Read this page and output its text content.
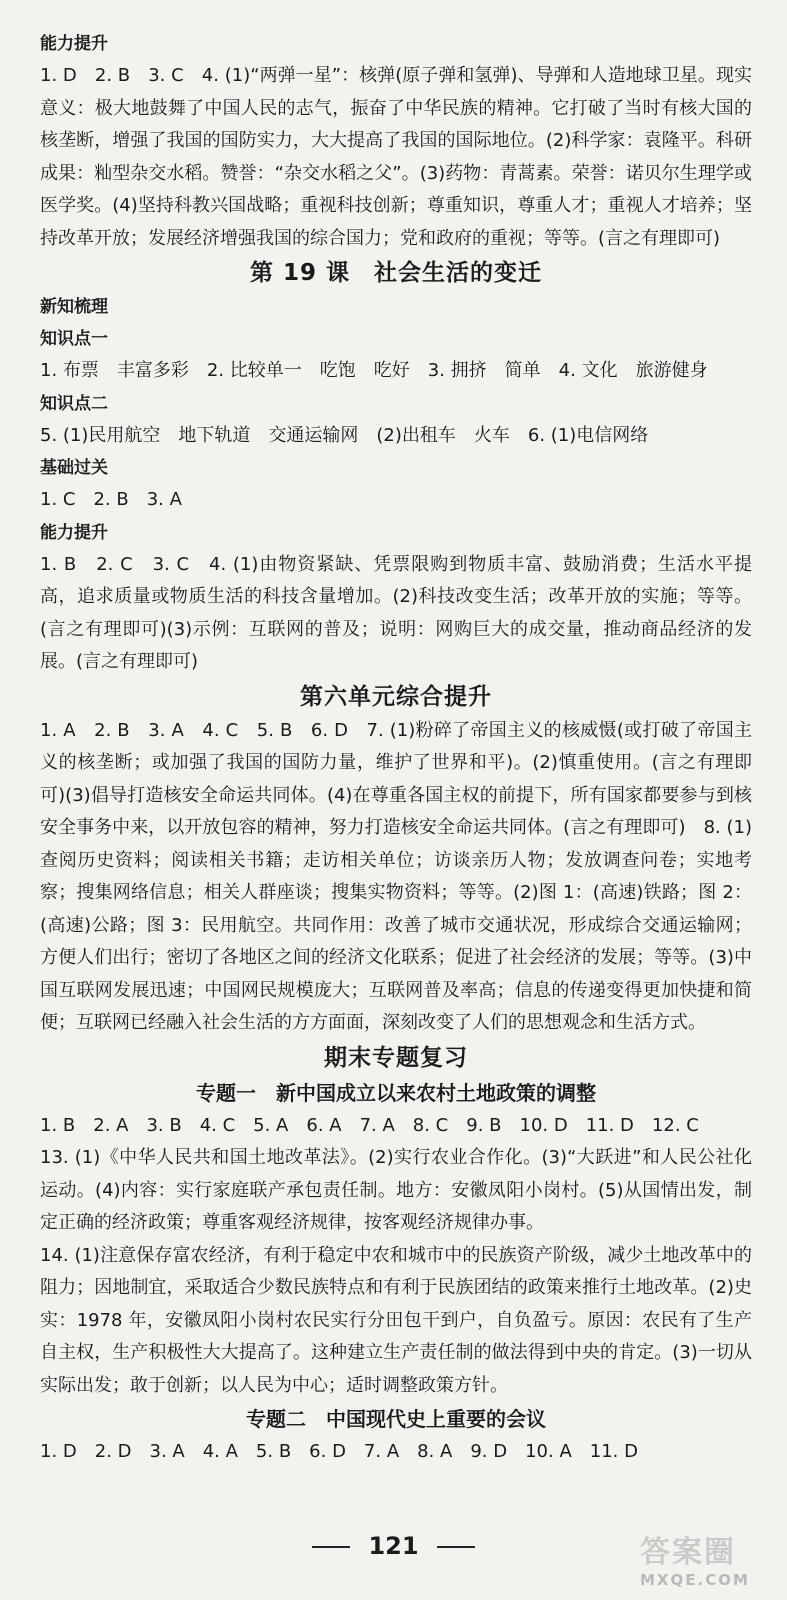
能力提升
1. D　2. B　3. C　4. (1)“两弹一星”：核弹(原子弹和氢弹)、导弹和人造地球卫星。现实意义：极大地鼓舞了中国人民的志气，振奋了中华民族的精神。它打破了当时有核大国的核垄断，增强了我国的国防实力，大大提高了我国的国际地位。(2)科学家：袁隆平。科研成果：籼型杂交水稻。赞誉：“杂交水稻之父”。(3)药物：青蒿素。荣誉：诺贝尔生理学或医学奖。(4)坚持科教兴国战略；重视科技创新；尊重知识，尊重人才；重视人才培养；坚持改革开放；发展经济增强我国的综合国力；党和政府的重视；等等。(言之有理即可)
第 19 课　社会生活的变迁
新知梳理
知识点一
1. 布票　丰富多彩　2. 比较单一　吃饱　吃好　3. 拥挤　简单　4. 文化　旅游健身
知识点二
5. (1)民用航空　地下轨道　交通运输网　(2)出租车　火车　6. (1)电信网络
基础过关
1. C　2. B　3. A
能力提升
1. B　2. C　3. C　4. (1)由物资紧缺、凭票限购到物质丰富、鼓励消费；生活水平提高，追求质量或物质生活的科技含量增加。(2)科技改变生活；改革开放的实施；等等。(言之有理即可)(3)示例：互联网的普及；说明：网购巨大的成交量，推动商品经济的发展。(言之有理即可)
第六单元综合提升
1. A　2. B　3. A　4. C　5. B　6. D　7. (1)粉碎了帝国主义的核威慑(或打破了帝国主义的核垄断；或加强了我国的国防力量，维护了世界和平)。(2)慎重使用。(言之有理即可)(3)倡导打造核安全命运共同体。(4)在尊重各国主权的前提下，所有国家都要参与到核安全事务中来，以开放包容的精神，努力打造核安全命运共同体。(言之有理即可)　8. (1)查阅历史资料；阅读相关书籍；走访相关单位；访谈亲历人物；发放调查问卷；实地考察；搜集网络信息；相关人群座谈；搜集实物资料；等等。(2)图 1：(高速)铁路；图 2：(高速)公路；图 3：民用航空。共同作用：改善了城市交通状况，形成综合交通运输网；方便人们出行；密切了各地区之间的经济文化联系；促进了社会经济的发展；等等。(3)中国互联网发展迅速；中国网民规模庞大；互联网普及率高；信息的传递变得更加快捷和简便；互联网已经融入社会生活的方方面面，深刻改变了人们的思想观念和生活方式。
期末专题复习
专题一　新中国成立以来农村土地政策的调整
1. B　2. A　3. B　4. C　5. A　6. A　7. A　8. C　9. B　10. D　11. D　12. C
13. (1)《中华人民共和国土地改革法》。(2)实行农业合作化。(3)“大跃进”和人民公社化运动。(4)内容：实行家庭联产承包责任制。地方：安徽凤阳小岗村。(5)从国情出发，制定正确的经济政策；尊重客观经济规律，按客观经济规律办事。
14. (1)注意保存富农经济，有利于稳定中农和城市中的民族资产阶级，减少土地改革中的阻力；因地制宜，采取适合少数民族特点和有利于民族团结的政策来推行土地改革。(2)史实：1978 年，安徽凤阳小岗村农民实行分田包干到户，自负盈亏。原因：农民有了生产自主权，生产积极性大大提高了。这种建立生产责任制的做法得到中央的肯定。(3)一切从实际出发；敢于创新；以人民为中心；适时调整政策方针。
专题二　中国现代史上重要的会议
1. D　2. D　3. A　4. A　5. B　6. D　7. A　8. A　9. D　10. A　11. D
121	答案圈
MXQE.COM
